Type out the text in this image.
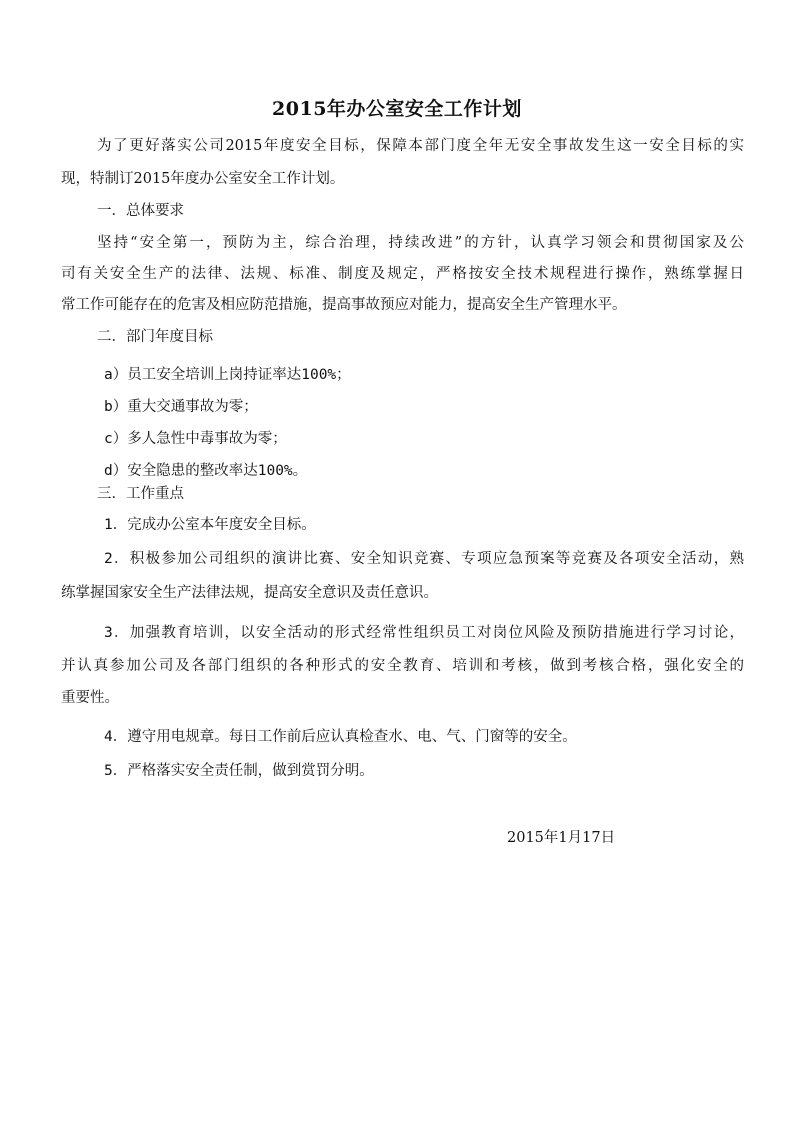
2015年办公室安全工作计划
为了更好落实公司2015年度安全目标，保障本部门度全年无安全事故发生这一安全目标的实
现，特制订2015年度办公室安全工作计划。
一．总体要求
坚持“安全第一，预防为主，综合治理，持续改进”的方针，认真学习领会和贯彻国家及公
司有关安全生产的法律、法规、标准、制度及规定，严格按安全技术规程进行操作，熟练掌握日
常工作可能存在的危害及相应防范措施，提高事故预应对能力，提高安全生产管理水平。
二．部门年度目标
a）员工安全培训上岗持证率达100%；
b）重大交通事故为零；
c）多人急性中毒事故为零；
d）安全隐患的整改率达100%。
三．工作重点
1．完成办公室本年度安全目标。
2．积极参加公司组织的演讲比赛、安全知识竞赛、专项应急预案等竞赛及各项安全活动，熟
练掌握国家安全生产法律法规，提高安全意识及责任意识。
3．加强教育培训，以安全活动的形式经常性组织员工对岗位风险及预防措施进行学习讨论，
并认真参加公司及各部门组织的各种形式的安全教育、培训和考核，做到考核合格，强化安全的
重要性。
4．遵守用电规章。每日工作前后应认真检查水、电、气、门窗等的安全。
5．严格落实安全责任制，做到赏罚分明。
2015年1月17日
